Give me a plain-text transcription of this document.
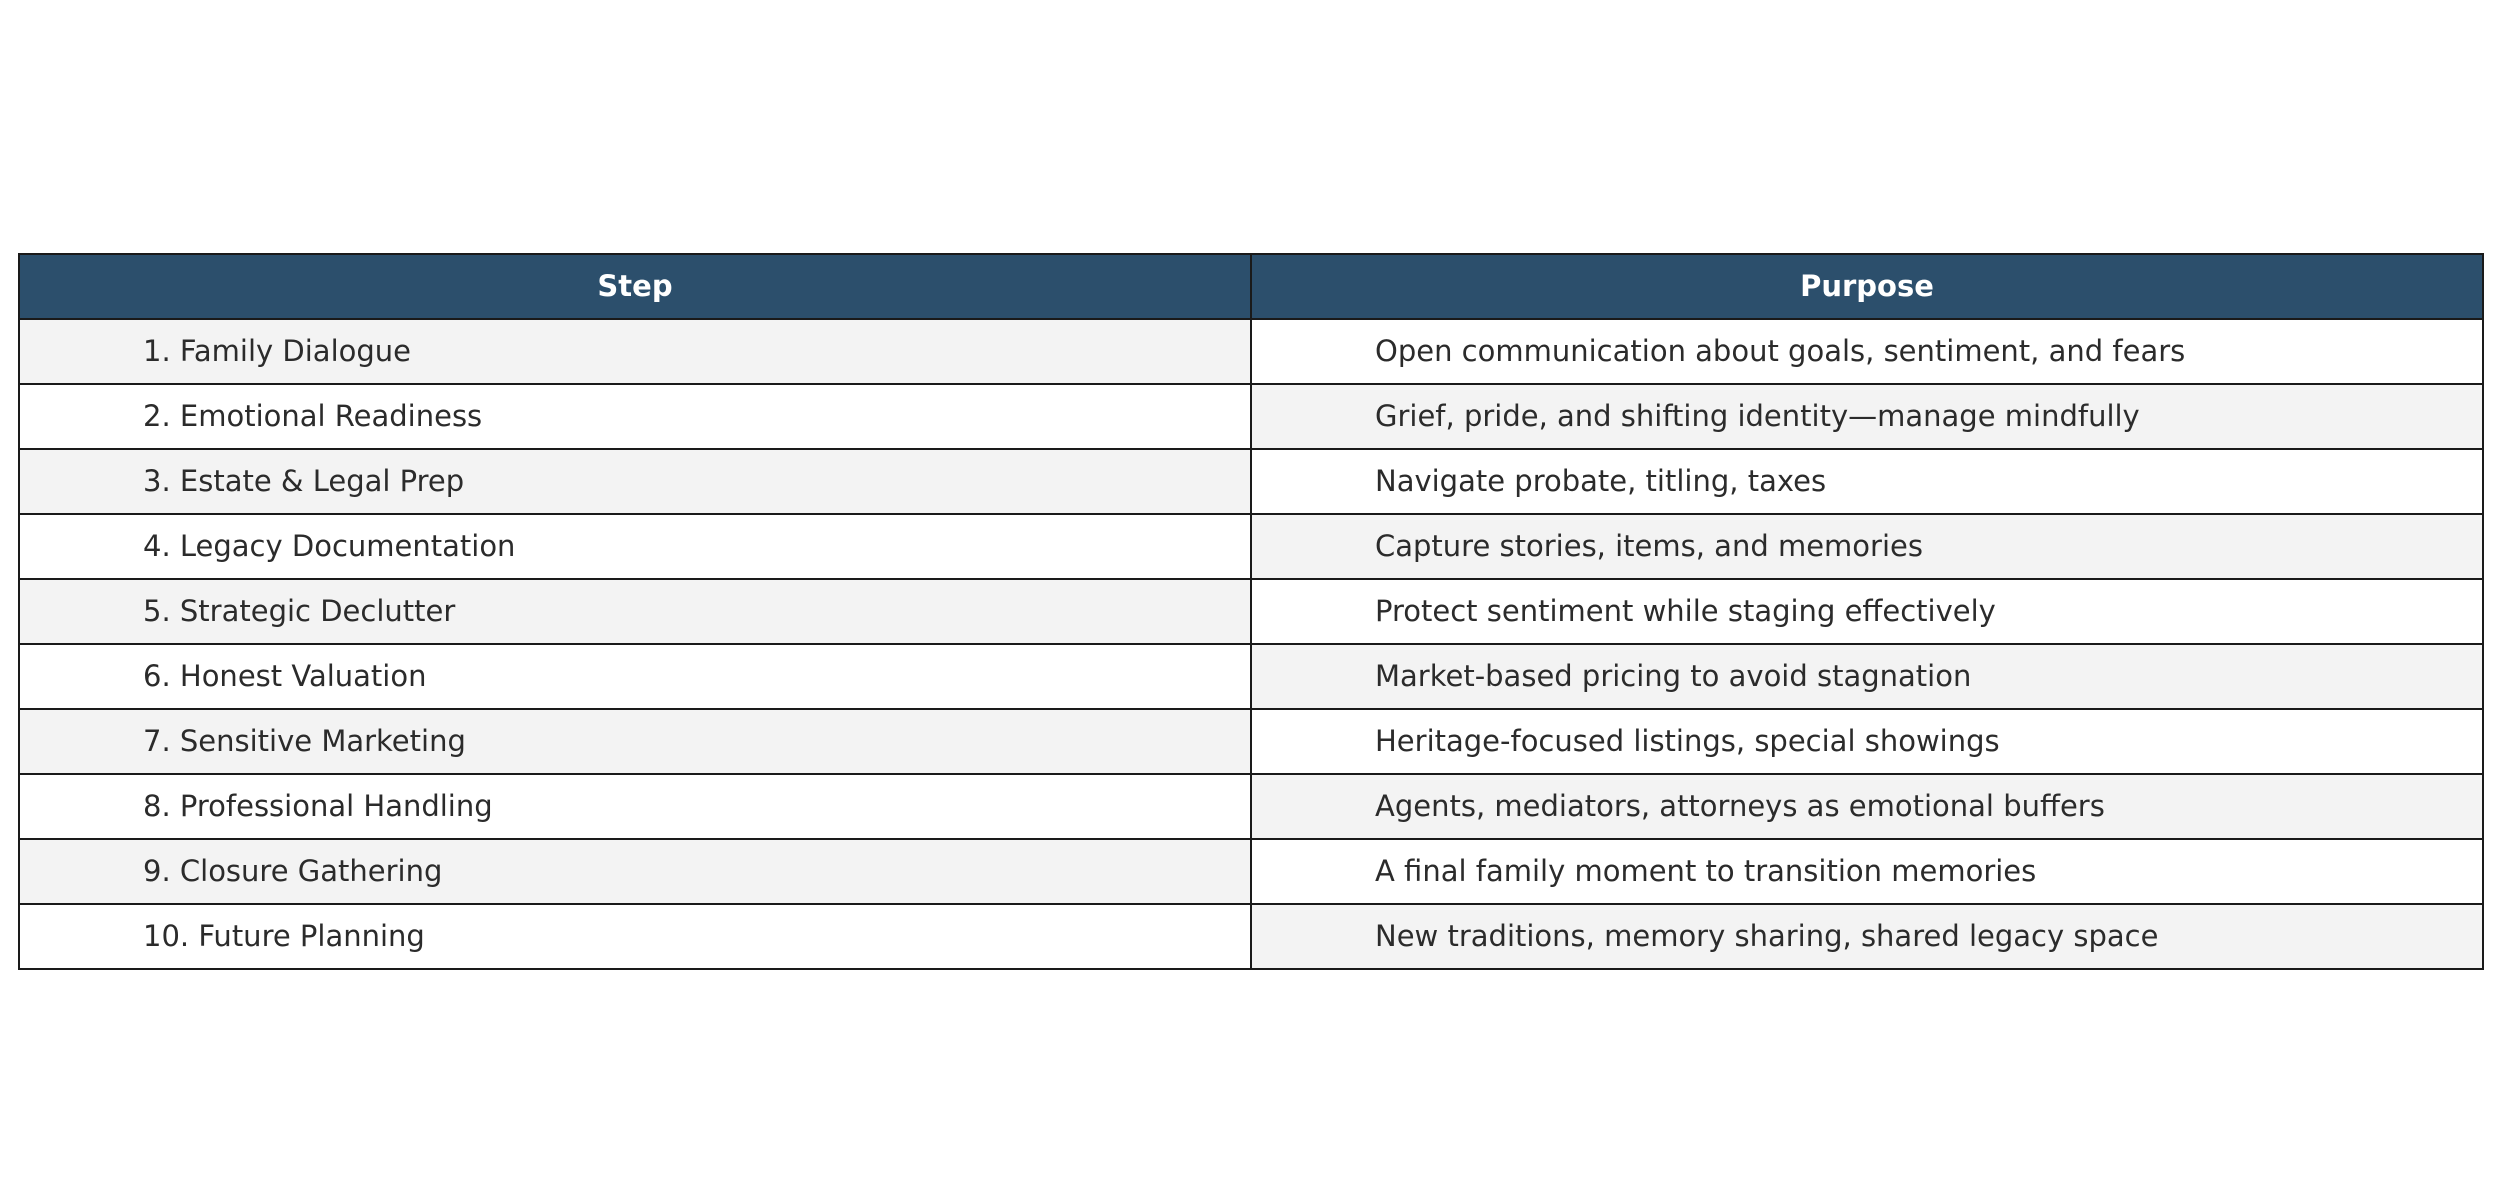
Step	Purpose
1. Family Dialogue	Open communication about goals, sentiment, and fears
2. Emotional Readiness	Grief, pride, and shifting identity—manage mindfully
3. Estate & Legal Prep	Navigate probate, titling, taxes
4. Legacy Documentation	Capture stories, items, and memories
5. Strategic Declutter	Protect sentiment while staging effectively
6. Honest Valuation	Market-based pricing to avoid stagnation
7. Sensitive Marketing	Heritage-focused listings, special showings
8. Professional Handling	Agents, mediators, attorneys as emotional buffers
9. Closure Gathering	A final family moment to transition memories
10. Future Planning	New traditions, memory sharing, shared legacy space
